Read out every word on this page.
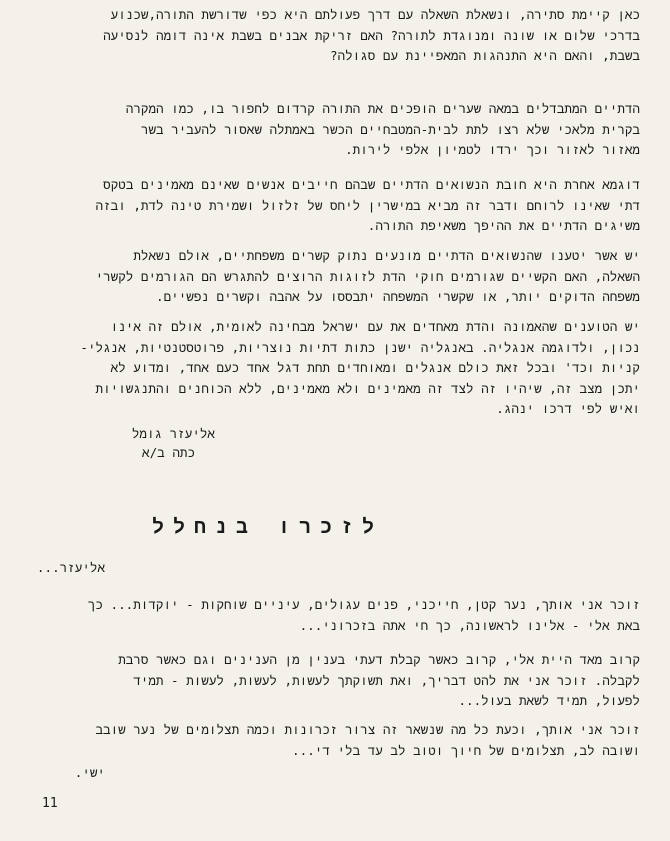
כאן קיימת סתירה, ונשאלת השאלה עם דרך פעולתם היא כפי שדורשת התורה,שכנוע
בדרכי שלום או שונה ומנוגדת לתורה? האם זריקת אבנים בשבת אינה דומה לנסיעה
בשבת, והאם היא התנהגות המאפיינת עם סגולה?

הדתיים המתבדלים במאה שערים הופכים את התורה קרדום לחפור בו, כמו המקרה
בקרית מלאכי שלא רצו לתת לבית-המטבחיים הכשר באמתלה שאסור להעביר בשר
מאזור לאזור וכך ירדו לטמיון אלפי לירות.

דוגמא אחרת היא חובת הנשואים הדתיים שבהם חייבים אנשים שאינם מאמינים בטקס
דתי שאינו לרוחם ודבר זה מביא במישרין ליחס של זלזול ושמירת טינה לדת, ובזה
משיגים הדתיים את ההיפך משאיפת התורה.

יש אשר יטענו שהנשואים הדתיים מונעים נתוק קשרים משפחתיים, אולם נשאלת
השאלה, האם הקשיים שגורמים חוקי הדת לזוגות הרוצים להתגרש הם הגורמים לקשרי
משפחה הדוקים יותר, או שקשרי המשפחה יתבססו על אהבה וקשרים נפשיים.

יש הטוענים שהאמונה והדת מאחדים את עם ישראל מבחינה לאומית, אולם זה אינו
נכון, ולדוגמה אנגליה. באנגליה ישנן כתות דתיות נוצריות, פרוטסטנטיות, אנגלי-
קניות וכד' ובכל זאת כולם אנגלים ומאוחדים תחת דגל אחד כעם אחד, ומדוע לא
יתכן מצב זה, שיהיו זה לצד זה מאמינים ולא מאמינים, ללא הכוחנים והתנגשויות
ואיש לפי דרכו ינהג.

אליעזר גומל
כתה ב/א
לזכרו בנחלל
אליעזר...

זוכר אני אותך, נער קטן, חייכני, פנים עגולים, עיניים שוחקות - יוקדות... כך
באת אלי - אלינו לראשונה, כך חי אתה בזכרוני...

קרוב מאד היית אלי, קרוב כאשר קבלת דעתי בענין מן הענינים וגם כאשר סרבת
לקבלה. זוכר אני את להט דבריך, ואת תשוקתך לעשות, לעשות, לעשות - תמיד
לפעול, תמיד לשאת בעול...

זוכר אני אותך, וכעת כל מה שנשאר זה צרור זכרונות וכמה תצלומים של נער שובב
ושובה לב, תצלומים של חיוך וטוב לב עד בלי די...

ישי.
11
